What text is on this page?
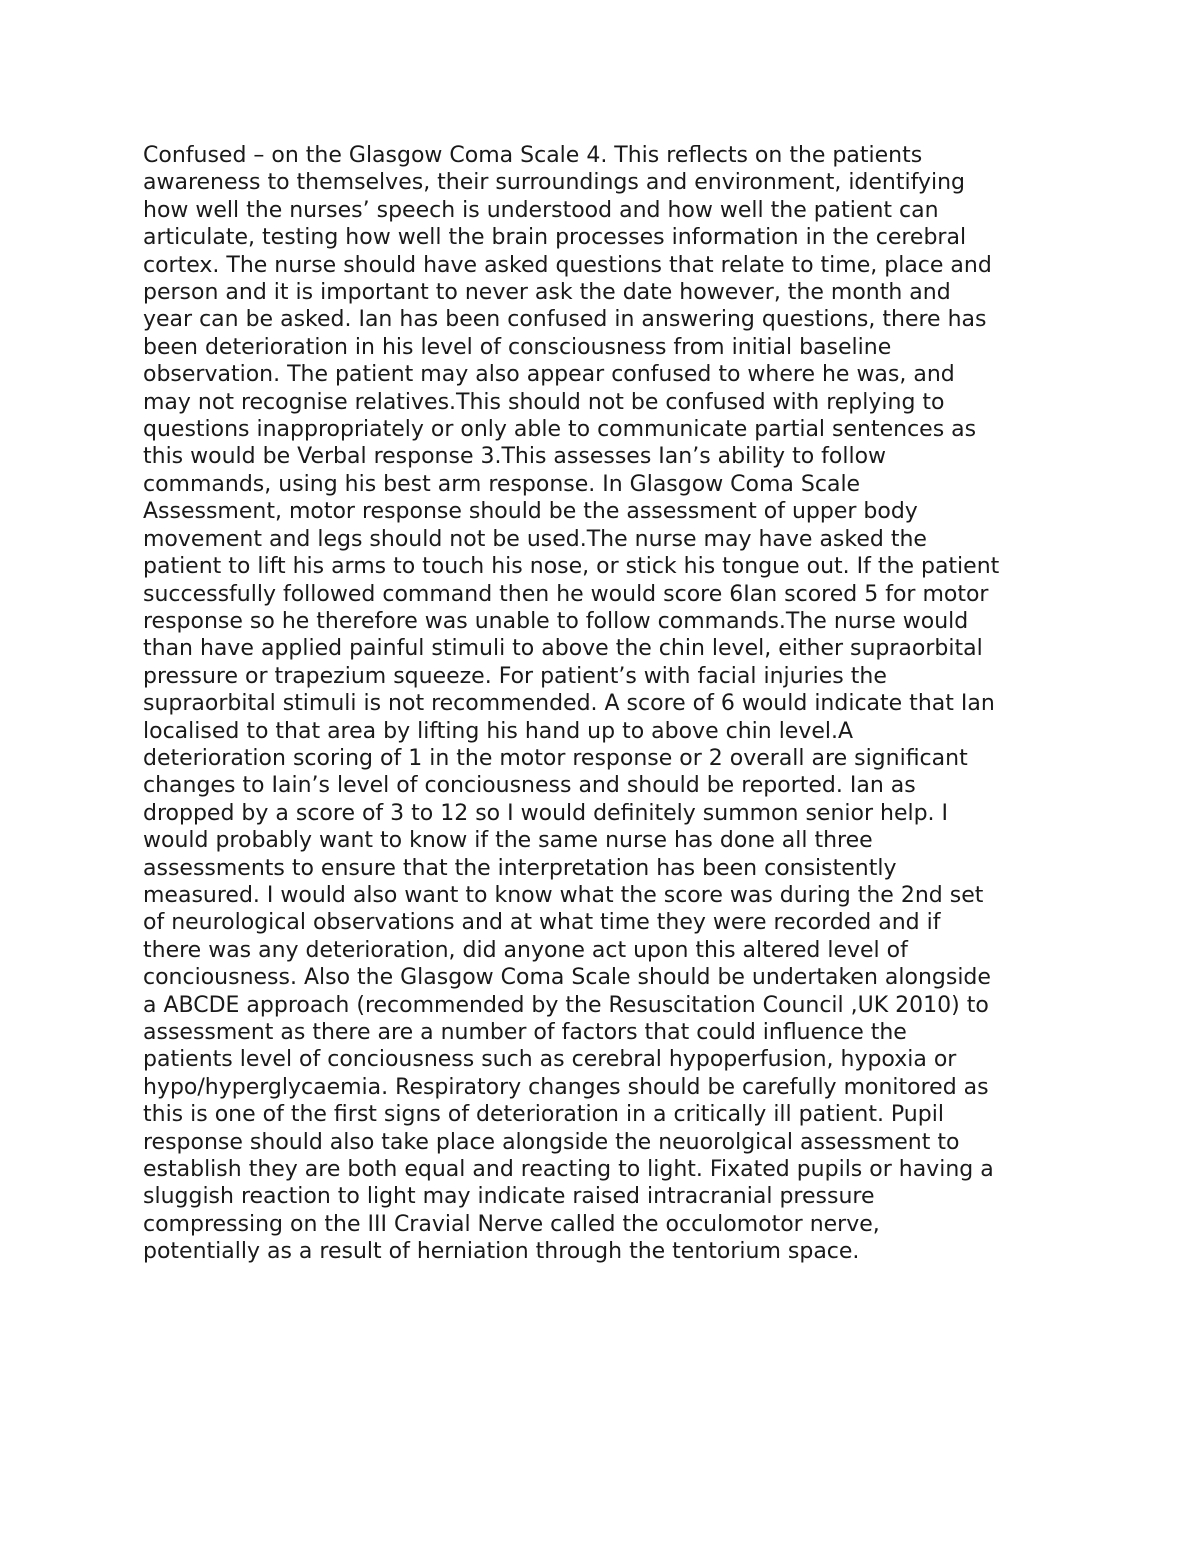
Confused – on the Glasgow Coma Scale 4. This reflects on the patients
awareness to themselves, their surroundings and environment, identifying
how well the nurses’ speech is understood and how well the patient can
articulate, testing how well the brain processes information in the cerebral
cortex. The nurse should have asked questions that relate to time, place and
person and it is important to never ask the date however, the month and
year can be asked. Ian has been confused in answering questions, there has
been deterioration in his level of consciousness from initial baseline
observation. The patient may also appear confused to where he was, and
may not recognise relatives.This should not be confused with replying to
questions inappropriately or only able to communicate partial sentences as
this would be Verbal response 3.This assesses Ian’s ability to follow
commands, using his best arm response. In Glasgow Coma Scale
Assessment, motor response should be the assessment of upper body
movement and legs should not be used.The nurse may have asked the
patient to lift his arms to touch his nose, or stick his tongue out. If the patient
successfully followed command then he would score 6Ian scored 5 for motor
response so he therefore was unable to follow commands.The nurse would
than have applied painful stimuli to above the chin level, either supraorbital
pressure or trapezium squeeze. For patient’s with facial injuries the
supraorbital stimuli is not recommended. A score of 6 would indicate that Ian
localised to that area by lifting his hand up to above chin level.A
deterioration scoring of 1 in the motor response or 2 overall are significant
changes to Iain’s level of conciousness and should be reported. Ian as
dropped by a score of 3 to 12 so I would definitely summon senior help. I
would probably want to know if the same nurse has done all three
assessments to ensure that the interpretation has been consistently
measured. I would also want to know what the score was during the 2nd set
of neurological observations and at what time they were recorded and if
there was any deterioration, did anyone act upon this altered level of
conciousness. Also the Glasgow Coma Scale should be undertaken alongside
a ABCDE approach (recommended by the Resuscitation Council ,UK 2010) to
assessment as there are a number of factors that could influence the
patients level of conciousness such as cerebral hypoperfusion, hypoxia or
hypo/hyperglycaemia. Respiratory changes should be carefully monitored as
this is one of the first signs of deterioration in a critically ill patient. Pupil
response should also take place alongside the neuorolgical assessment to
establish they are both equal and reacting to light. Fixated pupils or having a
sluggish reaction to light may indicate raised intracranial pressure
compressing on the III Cravial Nerve called the occulomotor nerve,
potentially as a result of herniation through the tentorium space.
